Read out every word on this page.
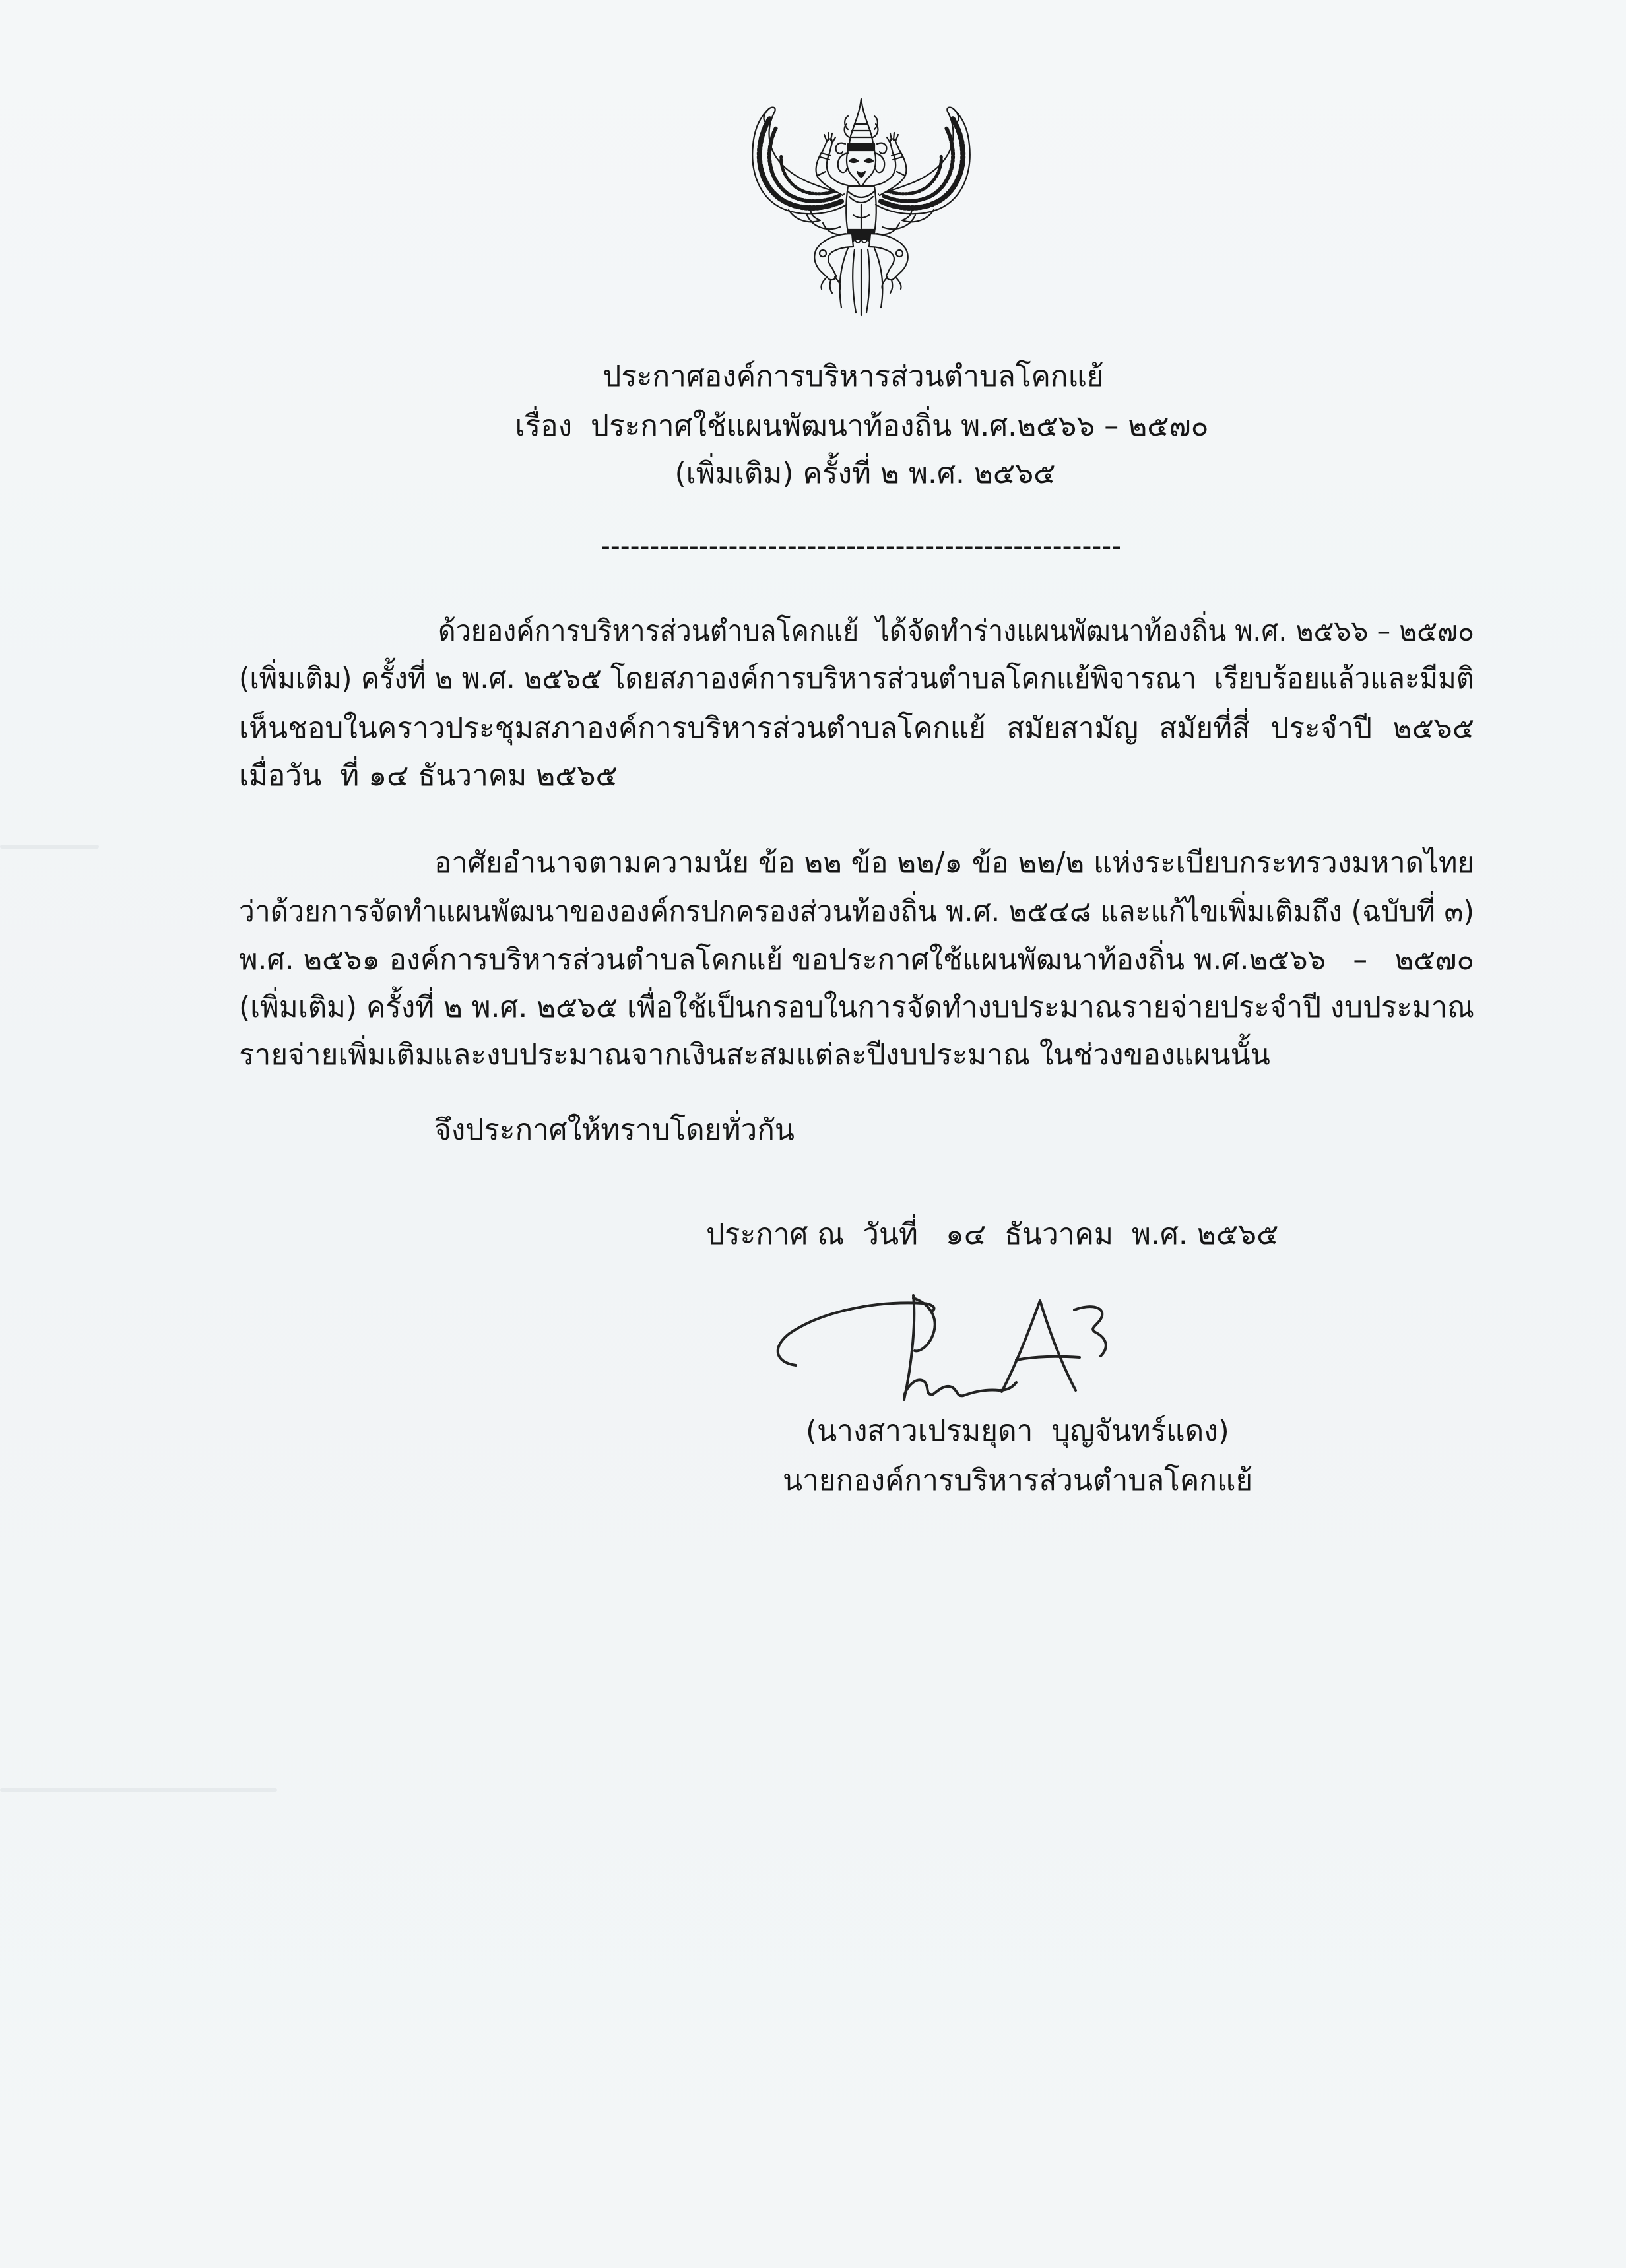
ประกาศองค์การบริหารส่วนตำบลโคกแย้
เรื่อง  ประกาศใช้แผนพัฒนาท้องถิ่น พ.ศ.๒๕๖๖ – ๒๕๗๐
(เพิ่มเติม) ครั้งที่ ๒ พ.ศ. ๒๕๖๕
-----------------------------------------------------
ด้วยองค์การบริหารส่วนตำบลโคกแย้  ได้จัดทำร่างแผนพัฒนาท้องถิ่น พ.ศ. ๒๕๖๖ – ๒๕๗๐
(เพิ่มเติม) ครั้งที่ ๒ พ.ศ. ๒๕๖๕ โดยสภาองค์การบริหารส่วนตำบลโคกแย้พิจารณา  เรียบร้อยแล้วและมีมติ
เห็นชอบในคราวประชุมสภาองค์การบริหารส่วนตำบลโคกแย้ สมัยสามัญ สมัยที่สี่ ประจำปี ๒๕๖๕
เมื่อวัน  ที่ ๑๔ ธันวาคม ๒๕๖๕
อาศัยอำนาจตามความนัย ข้อ ๒๒ ข้อ ๒๒/๑ ข้อ ๒๒/๒ แห่งระเบียบกระทรวงมหาดไทย
ว่าด้วยการจัดทำแผนพัฒนาขององค์กรปกครองส่วนท้องถิ่น พ.ศ. ๒๕๔๘ และแก้ไขเพิ่มเติมถึง (ฉบับที่ ๓)
พ.ศ. ๒๕๖๑ องค์การบริหารส่วนตำบลโคกแย้ ขอประกาศใช้แผนพัฒนาท้องถิ่น พ.ศ.๒๕๖๖   –   ๒๕๗๐
(เพิ่มเติม) ครั้งที่ ๒ พ.ศ. ๒๕๖๕ เพื่อใช้เป็นกรอบในการจัดทำงบประมาณรายจ่ายประจำปี งบประมาณ
รายจ่ายเพิ่มเติมและงบประมาณจากเงินสะสมแต่ละปีงบประมาณ ในช่วงของแผนนั้น
จึงประกาศให้ทราบโดยทั่วกัน
ประกาศ ณ  วันที่   ๑๔  ธันวาคม  พ.ศ. ๒๕๖๕
(นางสาวเปรมยุดา  บุญจันทร์แดง)
นายกองค์การบริหารส่วนตำบลโคกแย้
